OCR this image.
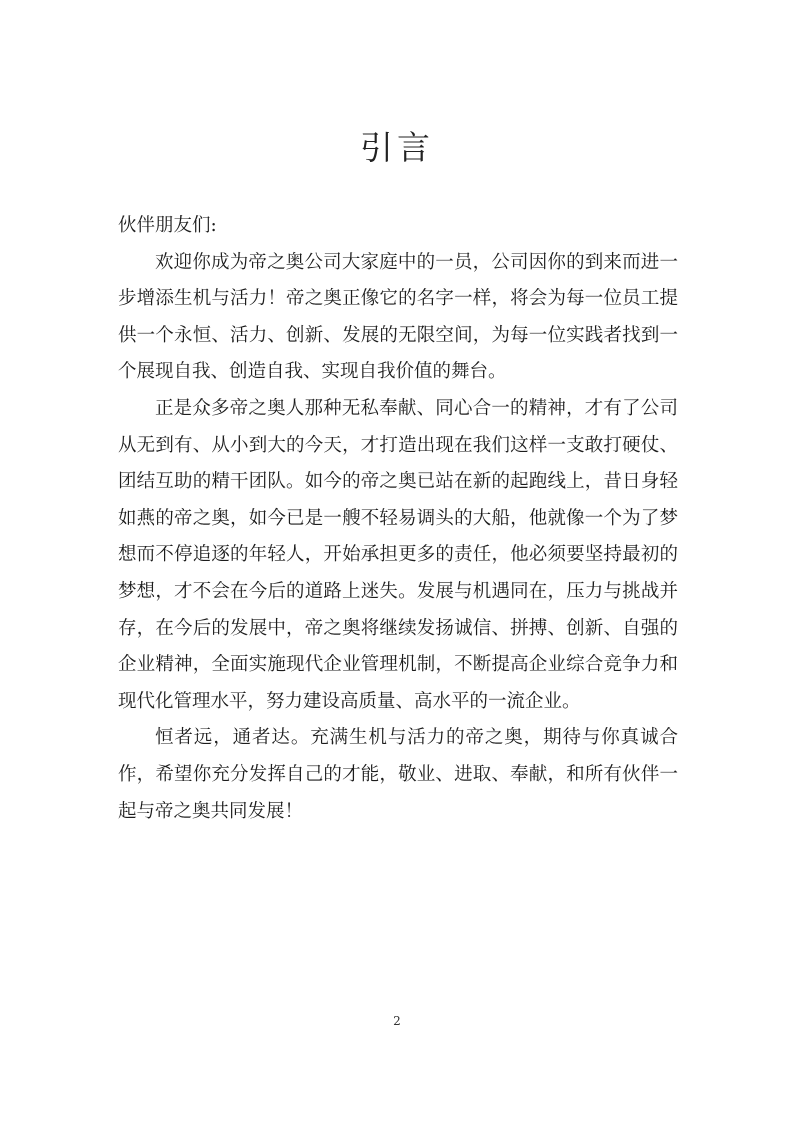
引言

伙伴朋友们:

欢迎你成为帝之奥公司大家庭中的一员，公司因你的到来而进一步增添生机与活力！帝之奥正像它的名字一样，将会为每一位员工提供一个永恒、活力、创新、发展的无限空间，为每一位实践者找到一个展现自我、创造自我、实现自我价值的舞台。

正是众多帝之奥人那种无私奉献、同心合一的精神，才有了公司从无到有、从小到大的今天，才打造出现在我们这样一支敢打硬仗、团结互助的精干团队。如今的帝之奥已站在新的起跑线上，昔日身轻如燕的帝之奥，如今已是一艘不轻易调头的大船，他就像一个为了梦想而不停追逐的年轻人，开始承担更多的责任，他必须要坚持最初的梦想，才不会在今后的道路上迷失。发展与机遇同在，压力与挑战并存，在今后的发展中，帝之奥将继续发扬诚信、拼搏、创新、自强的企业精神，全面实施现代企业管理机制，不断提高企业综合竞争力和现代化管理水平，努力建设高质量、高水平的一流企业。

恒者远，通者达。充满生机与活力的帝之奥，期待与你真诚合作，希望你充分发挥自己的才能，敬业、进取、奉献，和所有伙伴一起与帝之奥共同发展！

2
